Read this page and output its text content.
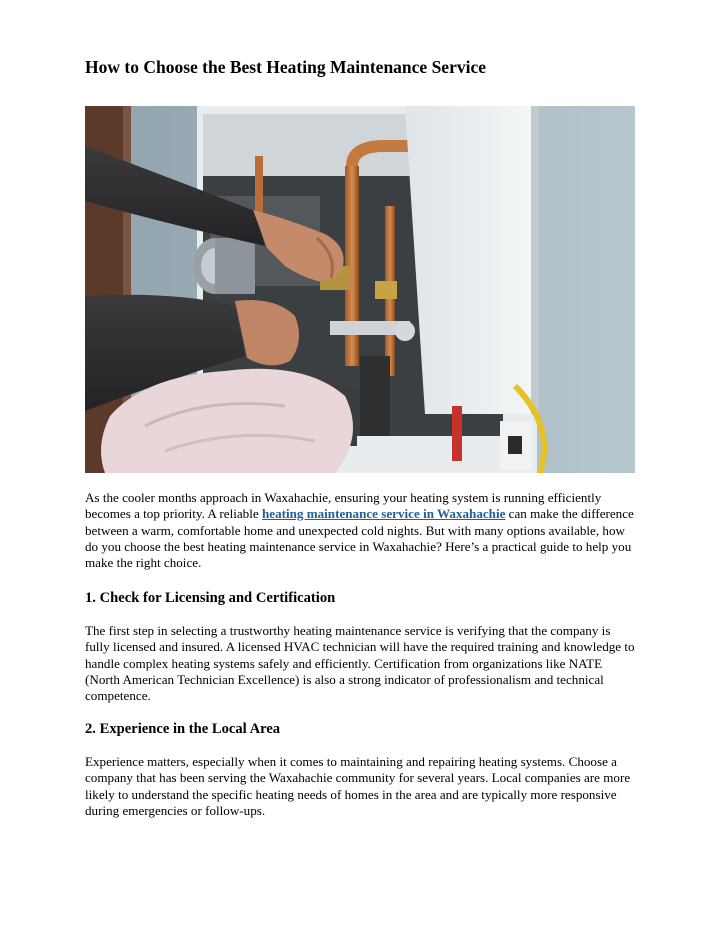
How to Choose the Best Heating Maintenance Service

As the cooler months approach in Waxahachie, ensuring your heating system is running efficiently becomes a top priority. A reliable heating maintenance service in Waxahachie can make the difference between a warm, comfortable home and unexpected cold nights. But with many options available, how do you choose the best heating maintenance service in Waxahachie? Here’s a practical guide to help you make the right choice.

1. Check for Licensing and Certification

The first step in selecting a trustworthy heating maintenance service is verifying that the company is fully licensed and insured. A licensed HVAC technician will have the required training and knowledge to handle complex heating systems safely and efficiently. Certification from organizations like NATE (North American Technician Excellence) is also a strong indicator of professionalism and technical competence.

2. Experience in the Local Area

Experience matters, especially when it comes to maintaining and repairing heating systems. Choose a company that has been serving the Waxahachie community for several years. Local companies are more likely to understand the specific heating needs of homes in the area and are typically more responsive during emergencies or follow-ups.
